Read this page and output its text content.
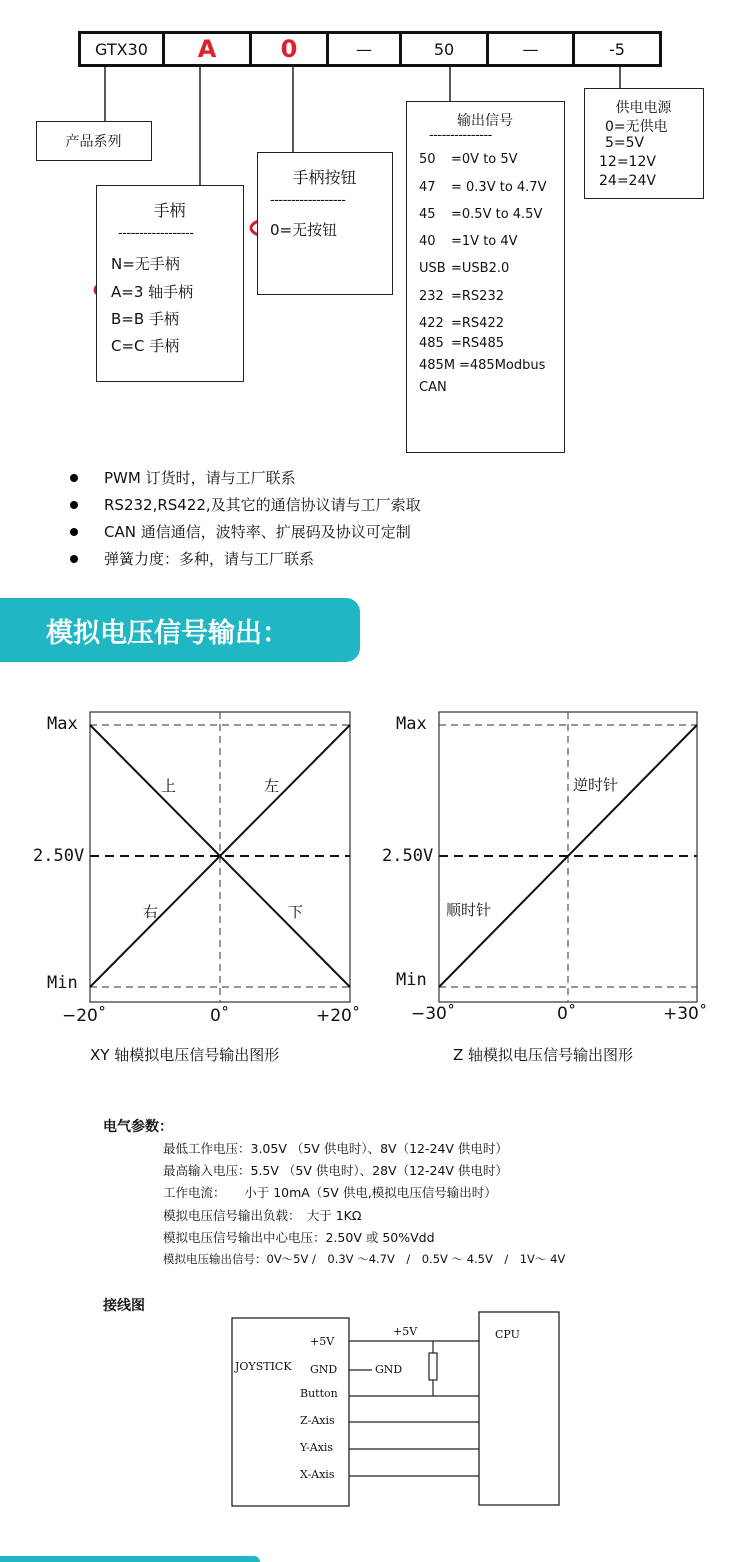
GTX30	A	0	—	50	—	-5
产品系列
手柄
------------------
N=无手柄
A=3 轴手柄
B=B 手柄
C=C 手柄
手柄按钮
------------------
0=无按钮
输出信号
---------------
50 =0V to 5V
47 = 0.3V to 4.7V
45 =0.5V to 4.5V
40 =1V to 4V
USB =USB2.0
232 =RS232
422 =RS422
485 =RS485
485M =485Modbus
CAN
供电电源
0=无供电
5=5V
12=12V
24=24V
PWM 订货时，请与工厂联系
RS232,RS422,及其它的通信协议请与工厂索取
CAN 通信通信，波特率、扩展码及协议可定制
弹簧力度：多种，请与工厂联系
模拟电压信号输出：
Max
2.50V
Min
−20˚	0˚	+20˚
上	左
右	下
XY 轴模拟电压信号输出图形
Max
2.50V
Min
−30˚	0˚	+30˚
逆时针
顺时针
Z 轴模拟电压信号输出图形
电气参数：
最低工作电压：3.05V （5V 供电时）、8V（12-24V 供电时）
最高输入电压：5.5V （5V 供电时）、28V（12-24V 供电时）
工作电流：　　小于 10mA（5V 供电,模拟电压信号输出时）
模拟电压信号输出负载：　大于 1KΩ
模拟电压信号输出中心电压：2.50V 或 50%Vdd
模拟电压输出信号：0V～5V /　0.3V ～4.7V　/　0.5V ～ 4.5V　/　1V～ 4V
接线图
JOYSTICK
CPU
+5V
GND
+5V
GND
Button
Z-Axis
Y-Axis
X-Axis
